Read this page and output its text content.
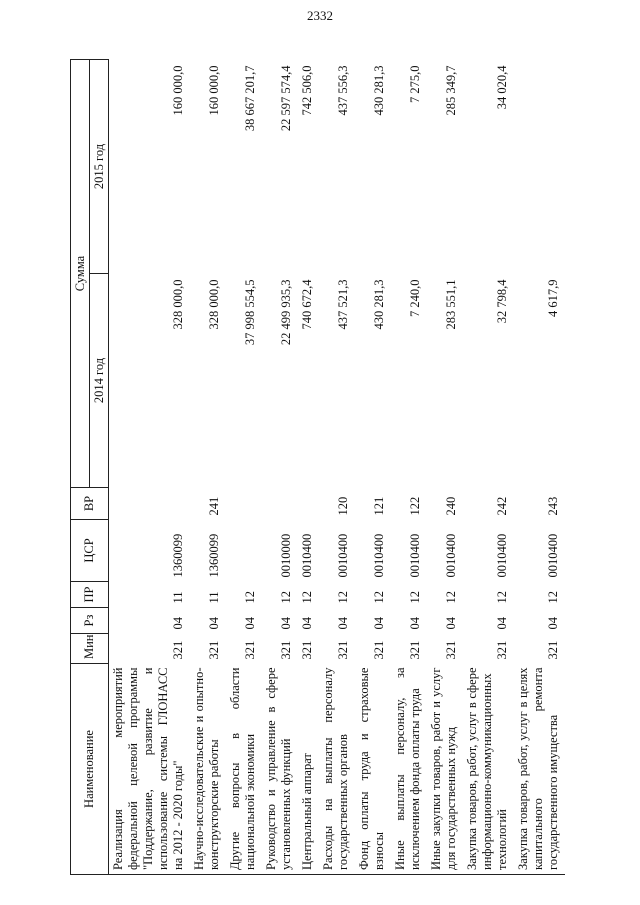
2332
Наименование	Мин	Рз	ПР	ЦСР	ВР	Сумма	
						2014 год	2015 год
Реализация мероприятий федеральной целевой программы "Поддержание, развитие и использование системы ГЛОНАСС на 2012 - 2020 годы"	321	04	11	1360099		328 000,0	160 000,0
Научно-исследовательские и опытно-конструкторские работы	321	04	11	1360099	241	328 000,0	160 000,0
Другие вопросы в области национальной экономики	321	04	12			37 998 554,5	38 667 201,7
Руководство и управление в сфере установленных функций	321	04	12	0010000		22 499 935,3	22 597 574,4
Центральный аппарат	321	04	12	0010400		740 672,4	742 506,0
Расходы на выплаты персоналу государственных органов	321	04	12	0010400	120	437 521,3	437 556,3
Фонд оплаты труда и страховые взносы	321	04	12	0010400	121	430 281,3	430 281,3
Иные выплаты персоналу, за исключением фонда оплаты труда	321	04	12	0010400	122	7 240,0	7 275,0
Иные закупки товаров, работ и услуг для государственных нужд	321	04	12	0010400	240	283 551,1	285 349,7
Закупка товаров, работ, услуг в сфере информационно-коммуникационных технологий	321	04	12	0010400	242	32 798,4	34 020,4
Закупка товаров, работ, услуг в целях капитального ремонта государственного имущества	321	04	12	0010400	243	4 617,9	
